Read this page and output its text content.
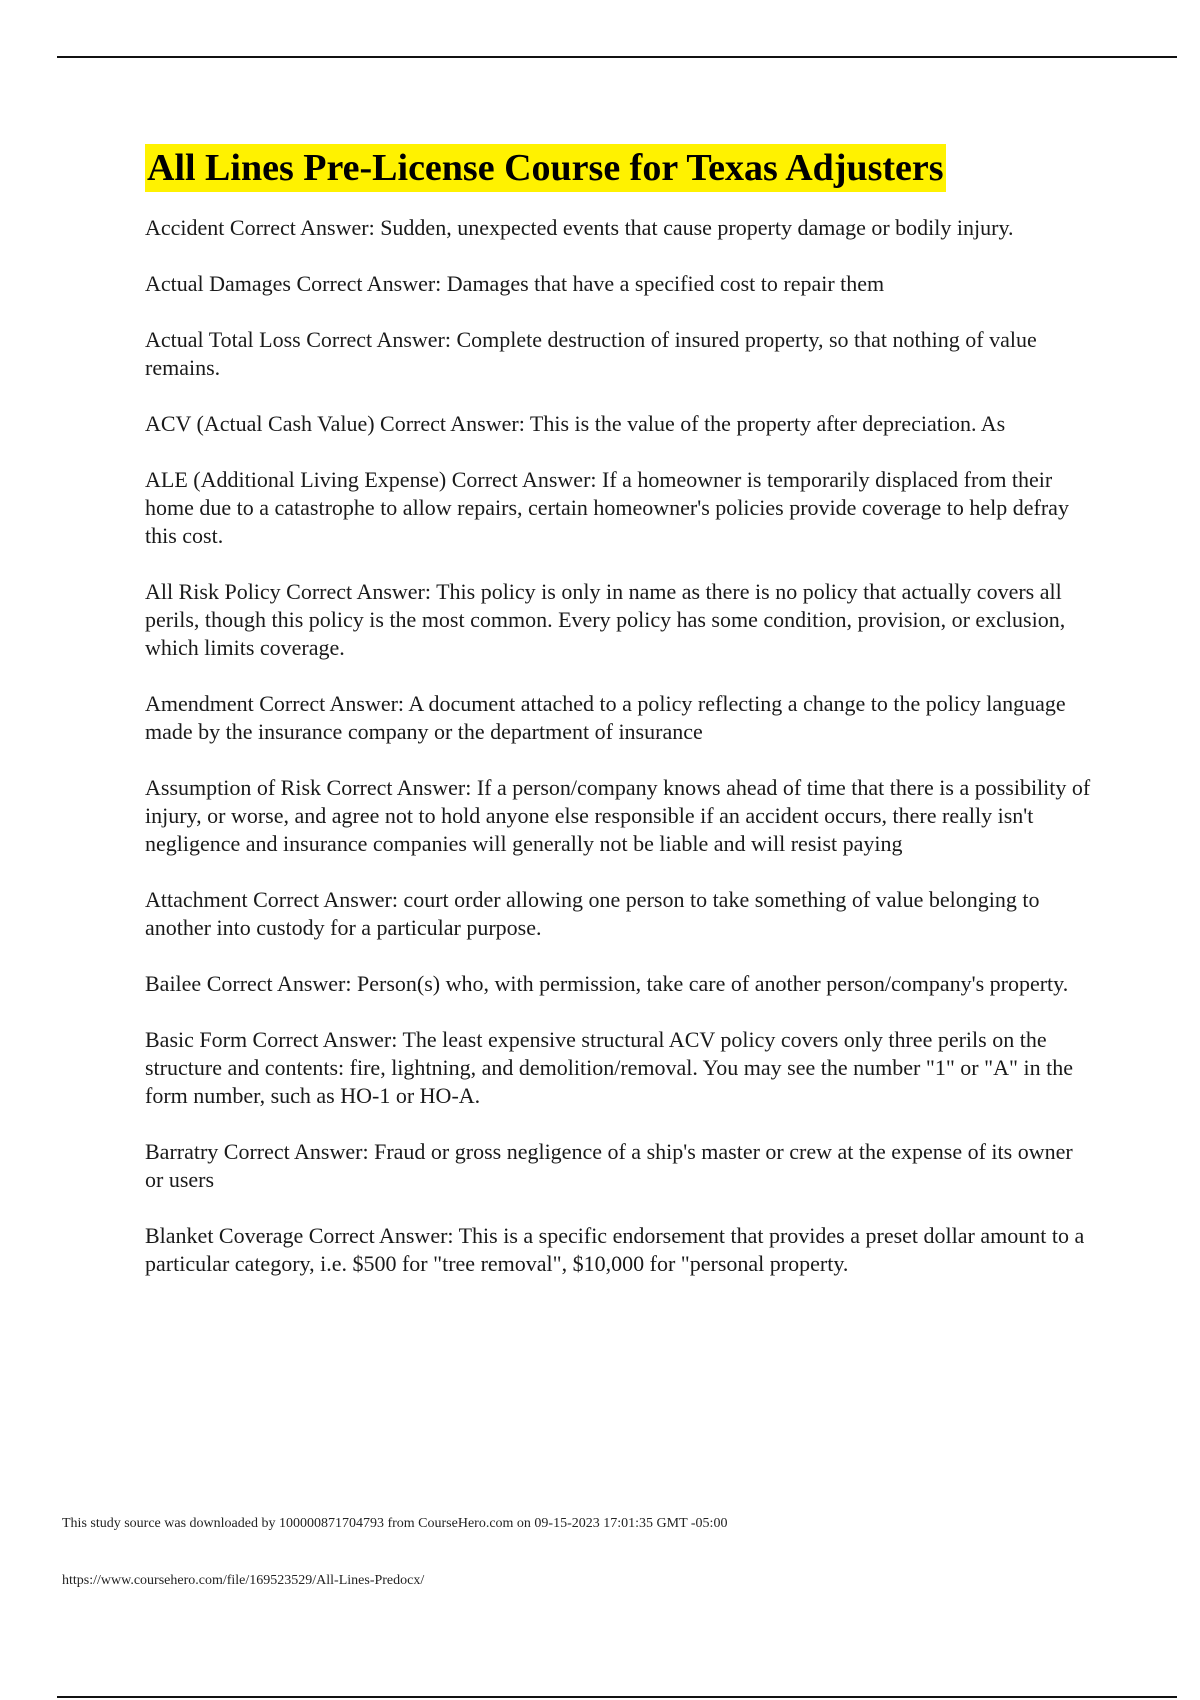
All Lines Pre-License Course for Texas Adjusters

Accident Correct Answer: Sudden, unexpected events that cause property damage or bodily injury.

Actual Damages Correct Answer: Damages that have a specified cost to repair them

Actual Total Loss Correct Answer: Complete destruction of insured property, so that nothing of value remains.

ACV (Actual Cash Value) Correct Answer: This is the value of the property after depreciation. As

ALE (Additional Living Expense) Correct Answer: If a homeowner is temporarily displaced from their home due to a catastrophe to allow repairs, certain homeowner's policies provide coverage to help defray this cost.

All Risk Policy Correct Answer: This policy is only in name as there is no policy that actually covers all perils, though this policy is the most common. Every policy has some condition, provision, or exclusion, which limits coverage.

Amendment Correct Answer: A document attached to a policy reflecting a change to the policy language made by the insurance company or the department of insurance

Assumption of Risk Correct Answer: If a person/company knows ahead of time that there is a possibility of injury, or worse, and agree not to hold anyone else responsible if an accident occurs, there really isn't negligence and insurance companies will generally not be liable and will resist paying

Attachment Correct Answer: court order allowing one person to take something of value belonging to another into custody for a particular purpose.

Bailee Correct Answer: Person(s) who, with permission, take care of another person/company's property.

Basic Form Correct Answer: The least expensive structural ACV policy covers only three perils on the structure and contents: fire, lightning, and demolition/removal. You may see the number "1" or "A" in the form number, such as HO-1 or HO-A.

Barratry Correct Answer: Fraud or gross negligence of a ship's master or crew at the expense of its owner or users

Blanket Coverage Correct Answer: This is a specific endorsement that provides a preset dollar amount to a particular category, i.e. $500 for "tree removal", $10,000 for "personal property.

This study source was downloaded by 100000871704793 from CourseHero.com on 09-15-2023 17:01:35 GMT -05:00
https://www.coursehero.com/file/169523529/All-Lines-Predocx/
